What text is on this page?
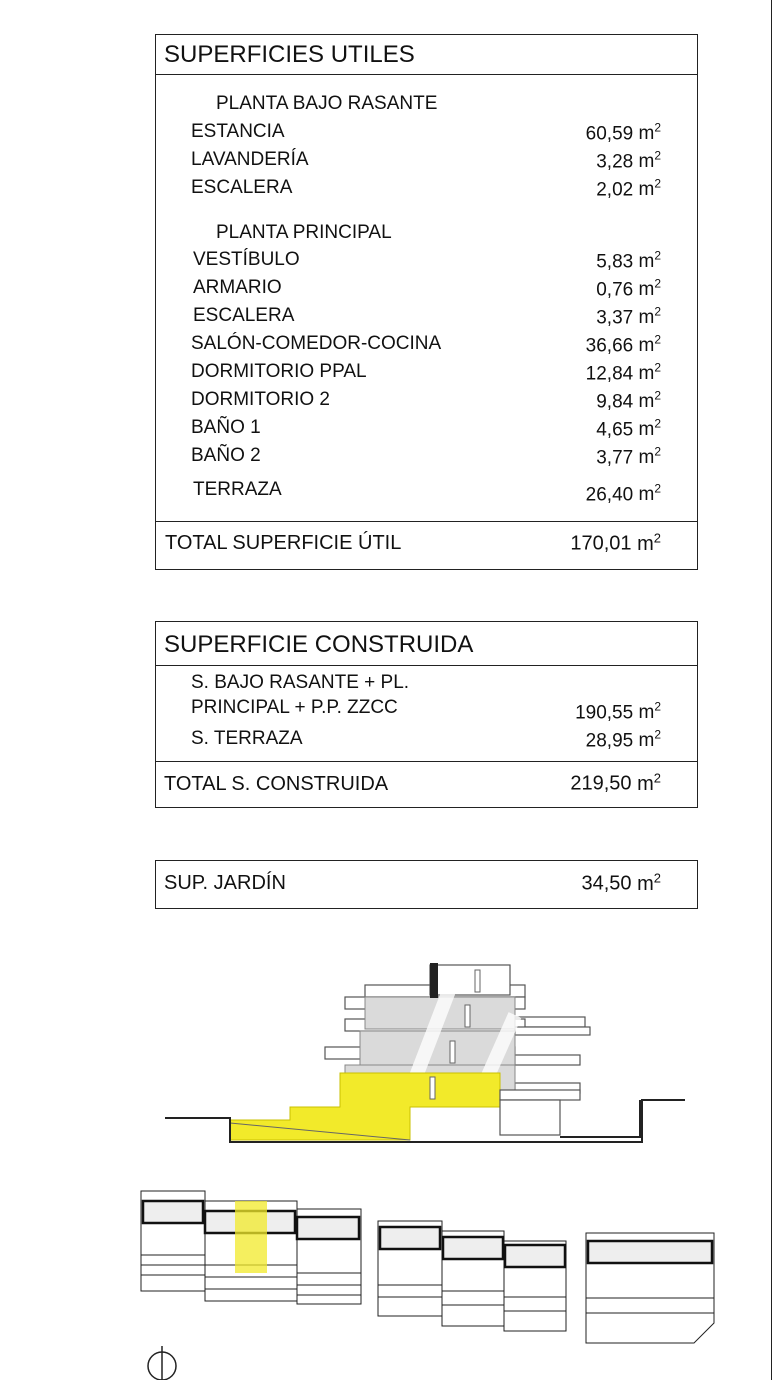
SUPERFICIES UTILES
PLANTA BAJO RASANTE
ESTANCIA	60,59 $m^2$
LAVANDERÍA	3,28 $m^2$
ESCALERA	2,02 $m^2$
PLANTA PRINCIPAL
VESTÍBULO	5,83 $m^2$
ARMARIO	0,76 $m^2$
ESCALERA	3,37 $m^2$
SALÓN-COMEDOR-COCINA	36,66 $m^2$
DORMITORIO PPAL	12,84 $m^2$
DORMITORIO 2	9,84 $m^2$
BAÑO 1	4,65 $m^2$
BAÑO 2	3,77 $m^2$
TERRAZA	26,40 $m^2$
TOTAL SUPERFICIE ÚTIL	170,01 $m^2$
SUPERFICIE CONSTRUIDA
S. BAJO RASANTE + PL.
PRINCIPAL + P.P. ZZCC	190,55 $m^2$
S. TERRAZA	28,95 $m^2$
TOTAL S. CONSTRUIDA	219,50 $m^2$
SUP. JARDÍN	34,50 $m^2$
